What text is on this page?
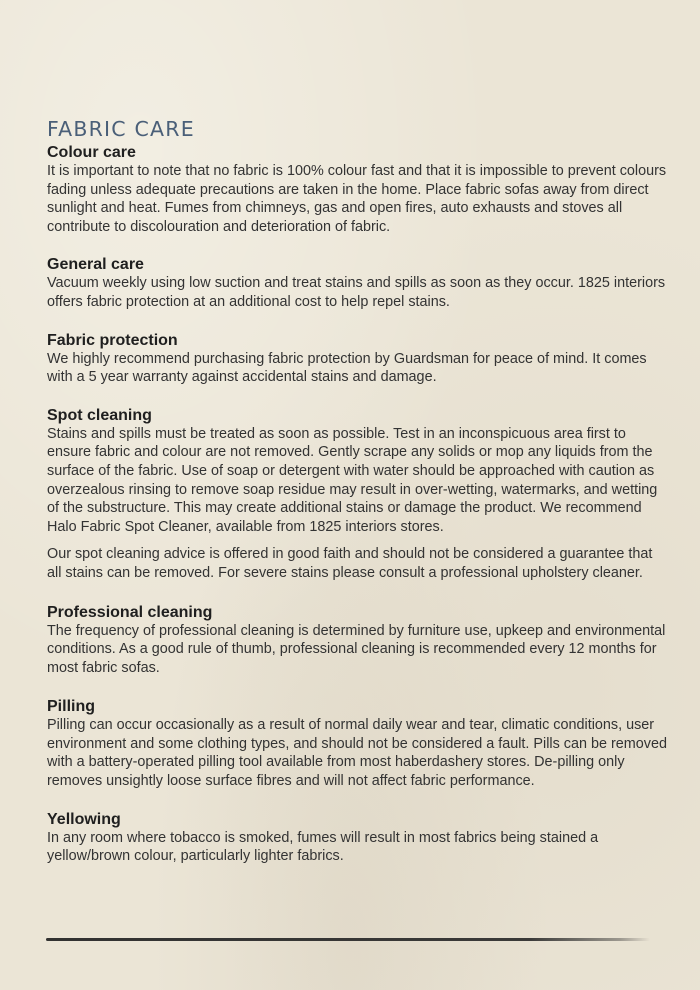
FABRIC CARE
Colour care

It is important to note that no fabric is 100% colour fast and that it is impossible to prevent colours fading unless adequate precautions are taken in the home. Place fabric sofas away from direct sunlight and heat. Fumes from chimneys, gas and open fires, auto exhausts and stoves all contribute to discolouration and deterioration of fabric.

General care

Vacuum weekly using low suction and treat stains and spills as soon as they occur. 1825 interiors offers fabric protection at an additional cost to help repel stains.

Fabric protection

We highly recommend purchasing fabric protection by Guardsman for peace of mind. It comes with a 5 year warranty against accidental stains and damage.

Spot cleaning

Stains and spills must be treated as soon as possible. Test in an inconspicuous area first to ensure fabric and colour are not removed. Gently scrape any solids or mop any liquids from the surface of the fabric. Use of soap or detergent with water should be approached with caution as overzealous rinsing to remove soap residue may result in over-wetting, watermarks, and wetting of the substructure. This may create additional stains or damage the product. We recommend Halo Fabric Spot Cleaner, available from 1825 interiors stores.

Our spot cleaning advice is offered in good faith and should not be considered a guarantee that all stains can be removed. For severe stains please consult a professional upholstery cleaner.

Professional cleaning

The frequency of professional cleaning is determined by furniture use, upkeep and environmental conditions. As a good rule of thumb, professional cleaning is recommended every 12 months for most fabric sofas.

Pilling

Pilling can occur occasionally as a result of normal daily wear and tear, climatic conditions, user environment and some clothing types, and should not be considered a fault. Pills can be removed with a battery-operated pilling tool available from most haberdashery stores. De-pilling only removes unsightly loose surface fibres and will not affect fabric performance.

Yellowing

In any room where tobacco is smoked, fumes will result in most fabrics being stained a yellow/brown colour, particularly lighter fabrics.
